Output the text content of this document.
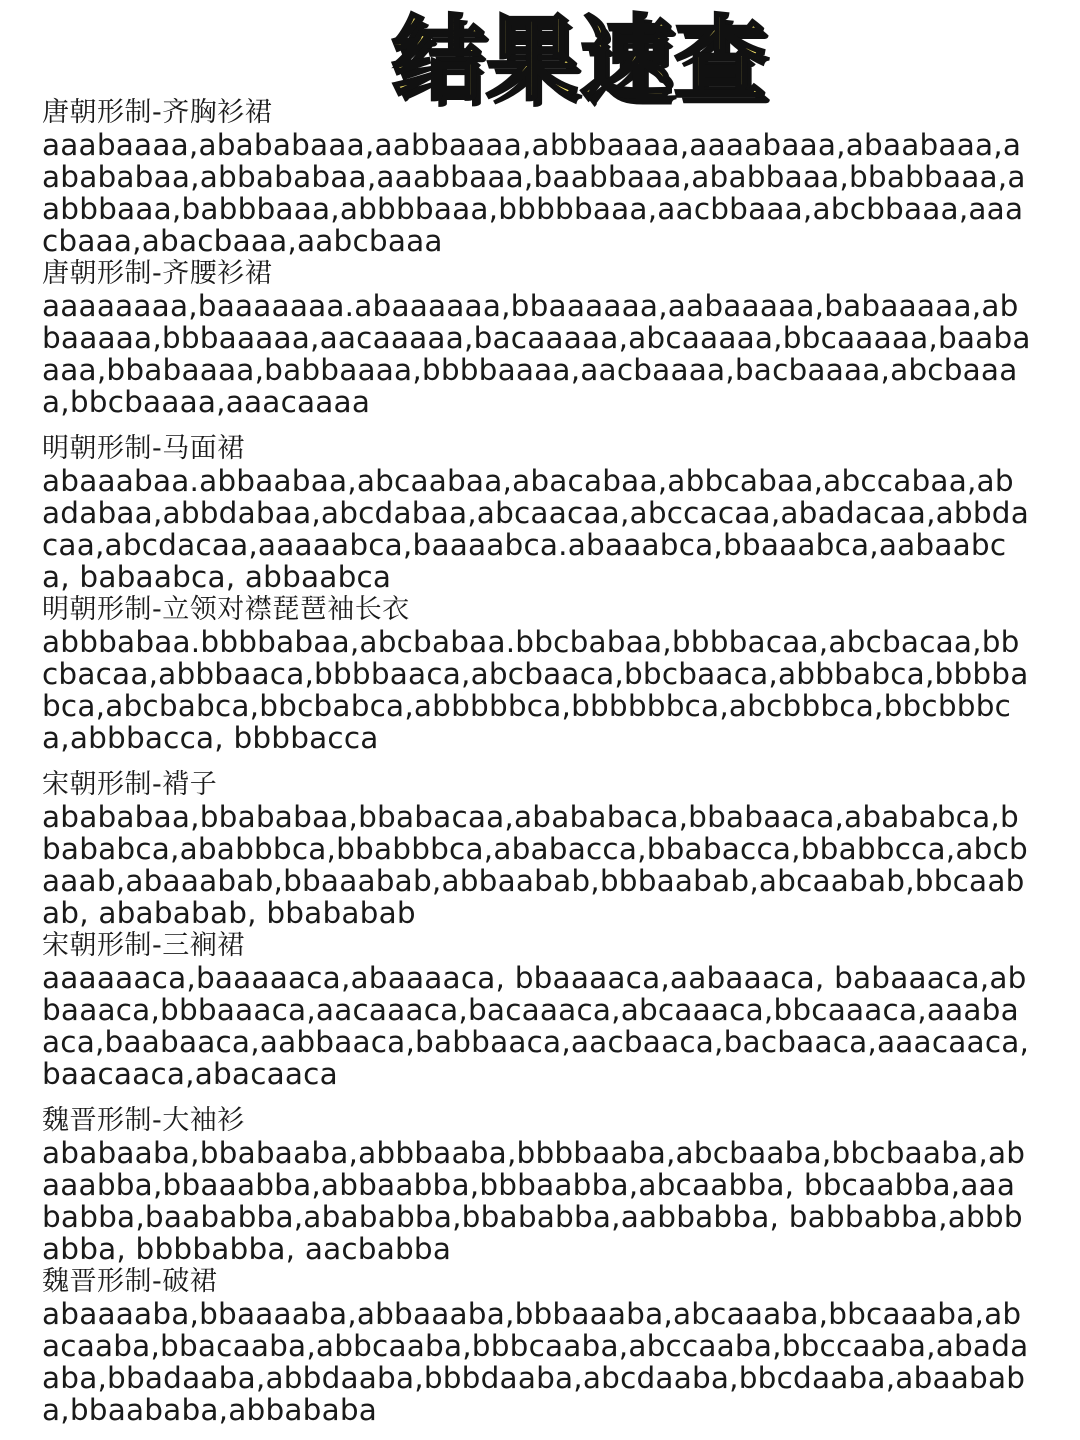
结果速查
唐朝形制-齐胸衫裙
aaabaaaa,abababaaa,aabbaaaa,abbbaaaa,aaaabaaa,abaabaaa,aabababaa,abbababaa,aaabbaaa,baabbaaa,ababbaaa,bbabbaaa,aabbbaaa,babbbaaa,abbbbaaa,bbbbbaaa,aacbbaaa,abcbbaaa,aaacbaaa,abacbaaa,aabcbaaa
唐朝形制-齐腰衫裙
aaaaaaaa,baaaaaaa.abaaaaaa,bbaaaaaa,aabaaaaa,babaaaaa,abbaaaaa,bbbaaaaa,aacaaaaa,bacaaaaa,abcaaaaa,bbcaaaaa,baabaaaa,bbabaaaa,babbaaaa,bbbbaaaa,aacbaaaa,bacbaaaa,abcbaaaa,bbcbaaaa,aaacaaaa
明朝形制-马面裙
abaaabaa.abbaabaa,abcaabaa,abacabaa,abbcabaa,abccabaa,abadabaa,abbdabaa,abcdabaa,abcaacaa,abccacaa,abadacaa,abbdacaa,abcdacaa,aaaaabca,baaaabca.abaaabca,bbaaabca,aabaabca, babaabca, abbaabca
明朝形制-立领对襟琵琶袖长衣
abbbabaa.bbbbabaa,abcbabaa.bbcbabaa,bbbbacaa,abcbacaa,bbcbacaa,abbbaaca,bbbbaaca,abcbaaca,bbcbaaca,abbbabca,bbbbabca,abcbabca,bbcbabca,abbbbbca,bbbbbbca,abcbbbca,bbcbbbca,abbbacca, bbbbacca
宋朝形制-褙子
abababaa,bbababaa,bbabacaa,abababaca,bbabaaca,abababca,bbababca,ababbbca,bbabbbca,ababacca,bbabacca,bbabbcca,abcbaaab,abaaabab,bbaaabab,abbaabab,bbbaabab,abcaabab,bbcaabab, abababab, bbababab
宋朝形制-三裥裙
aaaaaaca,baaaaaca,abaaaaca, bbaaaaca,aabaaaca, babaaaca,abbaaaca,bbbaaaca,aacaaaca,bacaaaca,abcaaaca,bbcaaaca,aaabaaca,baabaaca,aabbaaca,babbaaca,aacbaaca,bacbaaca,aaacaaca,baacaaca,abacaaca
魏晋形制-大袖衫
ababaaba,bbabaaba,abbbaaba,bbbbaaba,abcbaaba,bbcbaaba,abaaabba,bbaaabba,abbaabba,bbbaabba,abcaabba, bbcaabba,aaababba,baababba,abababba,bbababba,aabbabba, babbabba,abbbabba, bbbbabba, aacbabba
魏晋形制-破裙
abaaaaba,bbaaaaba,abbaaaba,bbbaaaba,abcaaaba,bbcaaaba,abacaaba,bbacaaba,abbcaaba,bbbcaaba,abccaaba,bbccaaba,abadaaba,bbadaaba,abbdaaba,bbbdaaba,abcdaaba,bbcdaaba,abaababa,bbaababa,abbababa
